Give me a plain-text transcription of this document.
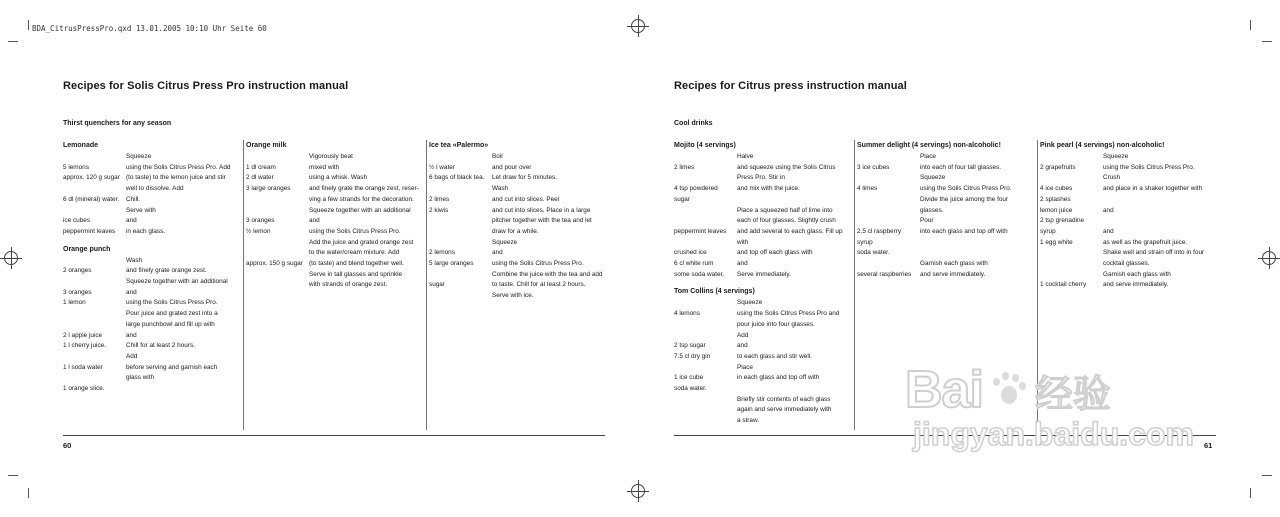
BDA_CitrusPressPro.qxd 13.01.2005 10:10 Uhr Seite 60
Recipes for Solis Citrus Press Pro instruction manual
Thirst quenchers for any season
Lemonade
Squeeze
5 lemons	using the Solis Citrus Press Pro. Add
approx. 120 g sugar (to taste) to the lemon juice and stir
well to dissolve. Add
6 dl (mineral) water.	Chill.
Serve with
ice cubes	and
peppermint leaves	in each glass.
Orange punch
Wash
2 oranges	and finely grate orange zest.
Squeeze together with an additional
3 oranges	and
1 lemon	using the Solis Citrus Press Pro.
Pour juice and grated zest into a
large punchbowl and fill up with
2 l apple juice	and
1 l cherry juice.	Chill for at least 2 hours.
Add
1 l soda water	before serving and garnish each
glass with
1 orange slice.
Orange milk
Vigorously beat
1 dl cream	mixed with
2 dl water	using a whisk. Wash
3 large oranges	and finely grate the orange zest, reser-
ving a few strands for the decoration.
Squeeze together with an additional
3 oranges	and
½ lemon	using the Solis Citrus Press Pro.
Add the juice and grated orange zest
to the water/cream mixture. Add
approx. 150 g sugar (to taste) and blend together well.
Serve in tall glasses and sprinkle
with strands of orange zest.
Ice tea «Palermo»
Boil
½ l water	and pour over
6 bags of black tea.	Let draw for 5 minutes.
Wash
2 limes	and cut into slices. Peel
2 kiwis	and cut into slices. Place in a large
pitcher together with the tea and let
draw for a while.
Squeeze
2 lemons	and
5 large oranges	using the Solis Citrus Press Pro.
Combine the juice with the tea and add
sugar	to taste. Chill for at least 2 hours.
Serve with ice.
60
Recipes for Citrus press instruction manual
Cool drinks
Mojito (4 servings)
Halve
2 limes	and squeeze using the Solis Citrus
Press Pro. Stir in
4 tsp powdered	and mix with the juice.
sugar
Place a squeezed half of lime into
each of four glasses. Slightly crush
peppermint leaves	and add several to each glass. Fill up
with
crushed ice	and top off each glass with
6 cl white rum	and
some soda water.	Serve immediately.
Tom Collins (4 servings)
Squeeze
4 lemons	using the Solis Citrus Press Pro and
pour juice into four glasses.
Add
2 tsp sugar	and
7.5 cl dry gin	to each glass and stir well.
Place
1 ice cube	in each glass and top off with
soda water.
Briefly stir contents of each glass
again and serve immediately with
a straw.
Summer delight (4 servings) non-alcoholic!
Place
3 ice cubes	into each of four tall glasses.
Squeeze
4 limes	using the Solis Citrus Press Pro.
Divide the juice among the four
glasses.
Pour
2.5 cl raspberry	into each glass and top off with
syrup
soda water.
Garnish each glass with
several raspberries	and serve immediately.
Pink pearl (4 servings) non-alcoholic!
Squeeze
2 grapefruits	using the Solis Citrus Press Pro.
Crush
4 ice cubes	and place in a shaker together with
2 splashes
lemon juice	and
2 tsp grenadine
syrup	and
1 egg white	as well as the grapefruit juice.
Shake well and strain off into in four
cocktail glasses.
Garnish each glass with
1 cocktail cherry	and serve immediately.
61
Bai 经验
jingyan.baidu.com
